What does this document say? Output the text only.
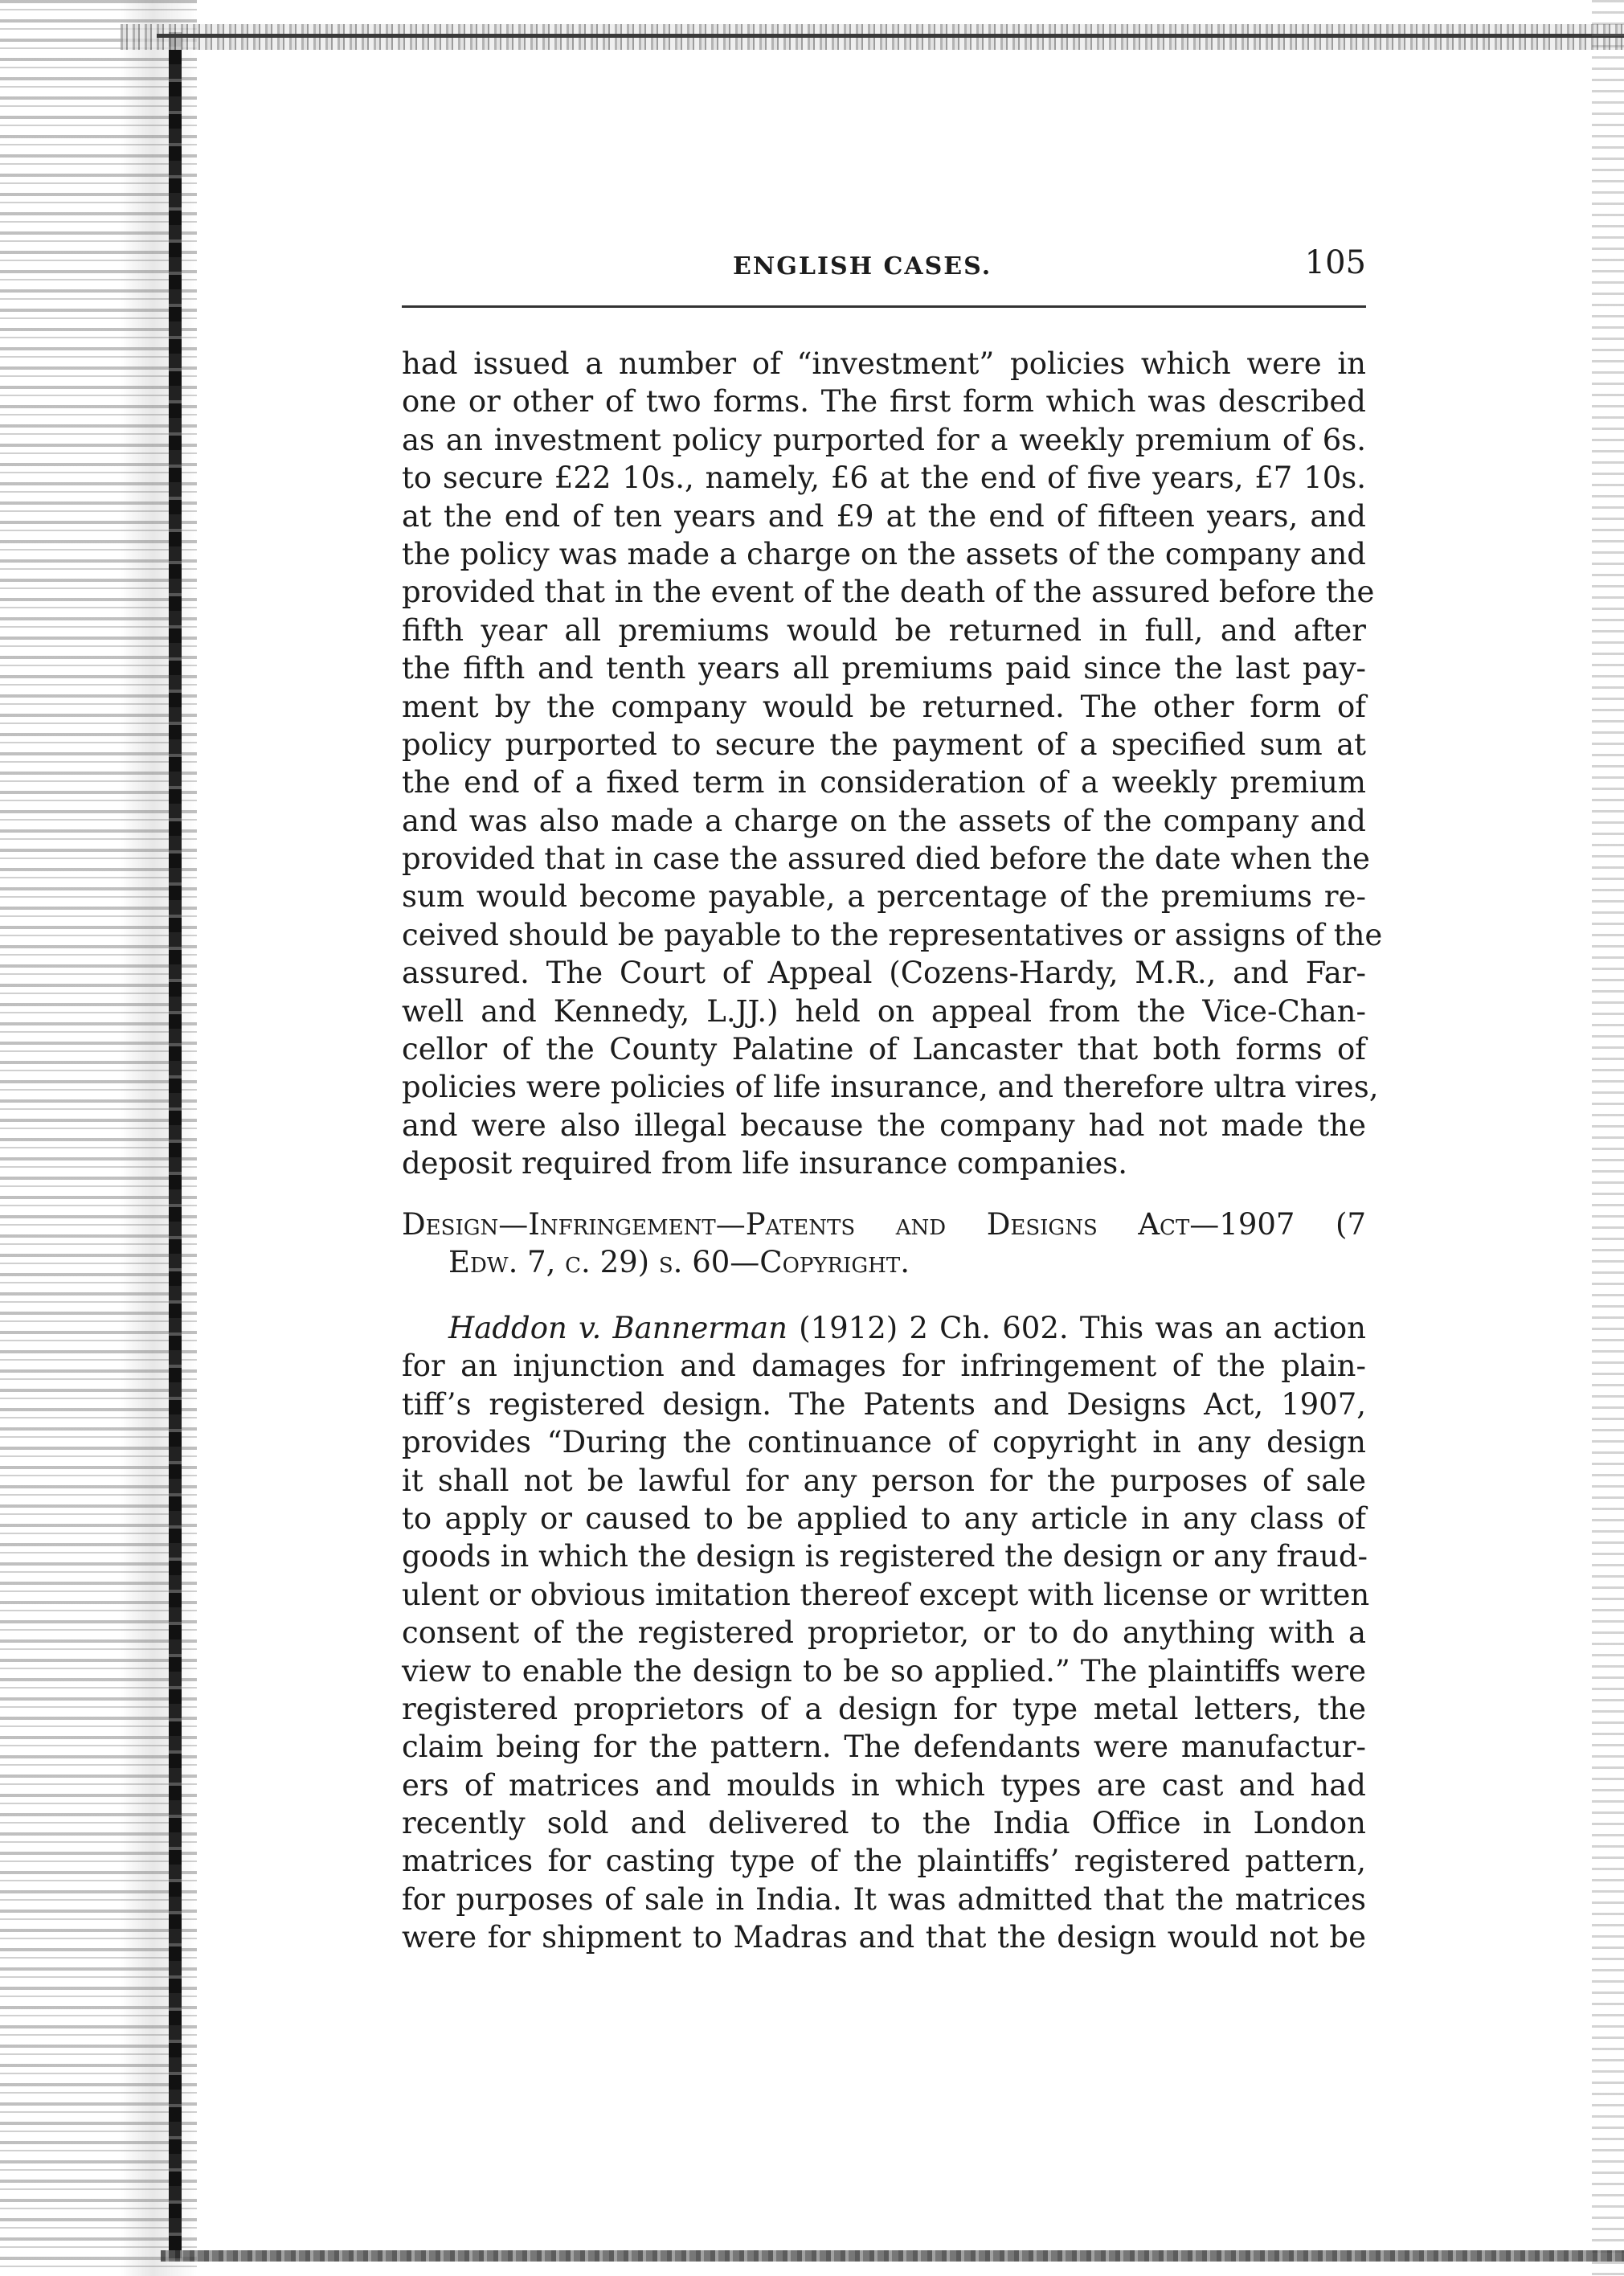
ENGLISH CASES.	105
had issued a number of “investment” policies which were in
one or other of two forms. The first form which was described
as an investment policy purported for a weekly premium of 6s.
to secure £22 10s., namely, £6 at the end of five years, £7 10s.
at the end of ten years and £9 at the end of fifteen years, and
the policy was made a charge on the assets of the company and
provided that in the event of the death of the assured before the
fifth year all premiums would be returned in full, and after
the fifth and tenth years all premiums paid since the last pay-
ment by the company would be returned. The other form of
policy purported to secure the payment of a specified sum at
the end of a fixed term in consideration of a weekly premium
and was also made a charge on the assets of the company and
provided that in case the assured died before the date when the
sum would become payable, a percentage of the premiums re-
ceived should be payable to the representatives or assigns of the
assured. The Court of Appeal (Cozens-Hardy, M.R., and Far-
well and Kennedy, L.JJ.) held on appeal from the Vice-Chan-
cellor of the County Palatine of Lancaster that both forms of
policies were policies of life insurance, and therefore ultra vires,
and were also illegal because the company had not made the
deposit required from life insurance companies.
Design—Infringement—Patents and Designs Act—1907 (7
Edw. 7, c. 29) s. 60—Copyright.
Haddon v. Bannerman (1912) 2 Ch. 602. This was an action
for an injunction and damages for infringement of the plain-
tiff’s registered design. The Patents and Designs Act, 1907,
provides “During the continuance of copyright in any design
it shall not be lawful for any person for the purposes of sale
to apply or caused to be applied to any article in any class of
goods in which the design is registered the design or any fraud-
ulent or obvious imitation thereof except with license or written
consent of the registered proprietor, or to do anything with a
view to enable the design to be so applied.” The plaintiffs were
registered proprietors of a design for type metal letters, the
claim being for the pattern. The defendants were manufactur-
ers of matrices and moulds in which types are cast and had
recently sold and delivered to the India Office in London
matrices for casting type of the plaintiffs’ registered pattern,
for purposes of sale in India. It was admitted that the matrices
were for shipment to Madras and that the design would not be
